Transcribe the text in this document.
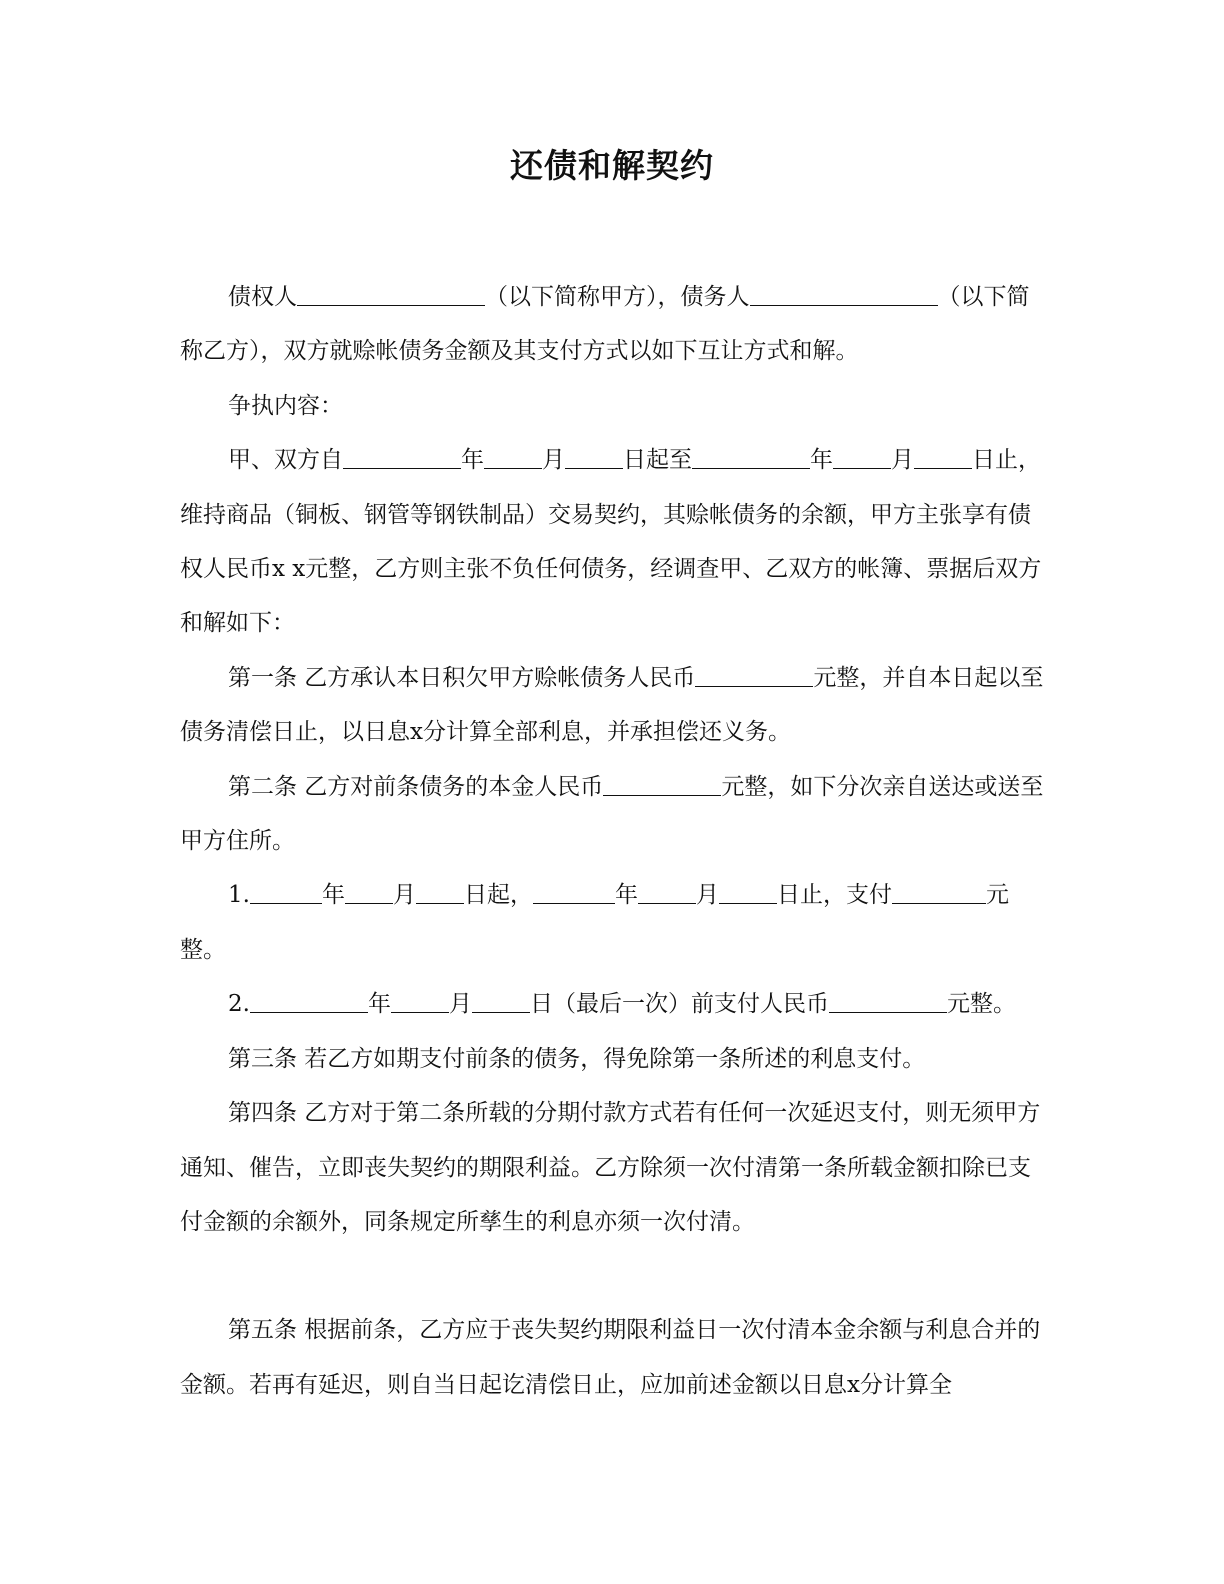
还债和解契约

债权人	（以下简称甲方），债务人	（以下简称乙方），双方就赊帐债务金额及其支付方式以如下互让方式和解。

争执内容：

甲、双方自	年	月	日起至	年	月	日止，维持商品（铜板、钢管等钢铁制品）交易契约，其赊帐债务的余额，甲方主张享有债权人民币x x元整，乙方则主张不负任何债务，经调查甲、乙双方的帐簿、票据后双方和解如下：

第一条 乙方承认本日积欠甲方赊帐债务人民币	元整，并自本日起以至债务清偿日止，以日息x分计算全部利息，并承担偿还义务。

第二条 乙方对前条债务的本金人民币	元整，如下分次亲自送达或送至甲方住所。

1.	年 月 日起，	年	月	日止，支付	元整。

2.	年	月	日（最后一次）前支付人民币	元整。

第三条 若乙方如期支付前条的债务，得免除第一条所述的利息支付。

第四条 乙方对于第二条所载的分期付款方式若有任何一次延迟支付，则无须甲方通知、催告，立即丧失契约的期限利益。乙方除须一次付清第一条所载金额扣除已支付金额的余额外，同条规定所孳生的利息亦须一次付清。

第五条 根据前条，乙方应于丧失契约期限利益日一次付清本金余额与利息合并的金额。若再有延迟，则自当日起讫清偿日止，应加前述金额以日息x分计算全
